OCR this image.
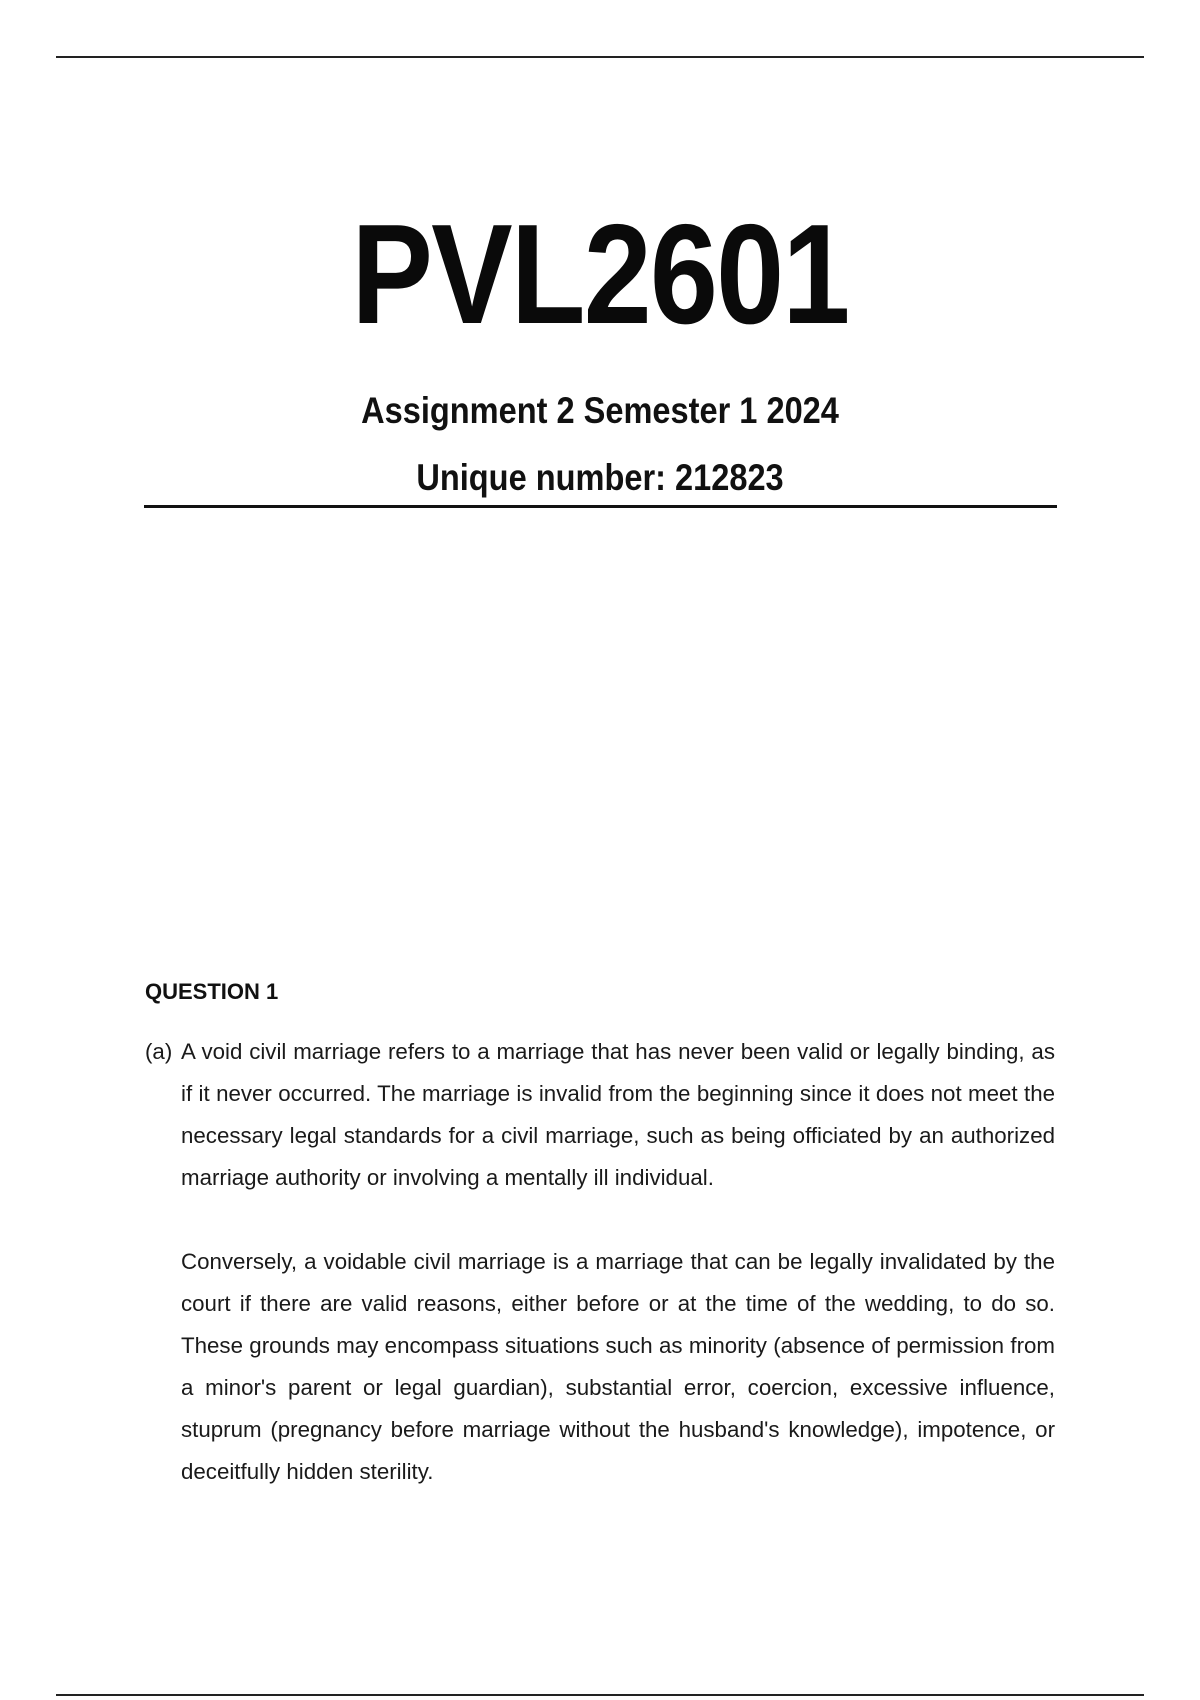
PVL2601
Assignment 2 Semester 1 2024
Unique number: 212823
QUESTION 1
(a) A void civil marriage refers to a marriage that has never been valid or legally binding, as if it never occurred. The marriage is invalid from the beginning since it does not meet the necessary legal standards for a civil marriage, such as being officiated by an authorized marriage authority or involving a mentally ill individual.

Conversely, a voidable civil marriage is a marriage that can be legally invalidated by the court if there are valid reasons, either before or at the time of the wedding, to do so. These grounds may encompass situations such as minority (absence of permission from a minor's parent or legal guardian), substantial error, coercion, excessive influence, stuprum (pregnancy before marriage without the husband's knowledge), impotence, or deceitfully hidden sterility.
